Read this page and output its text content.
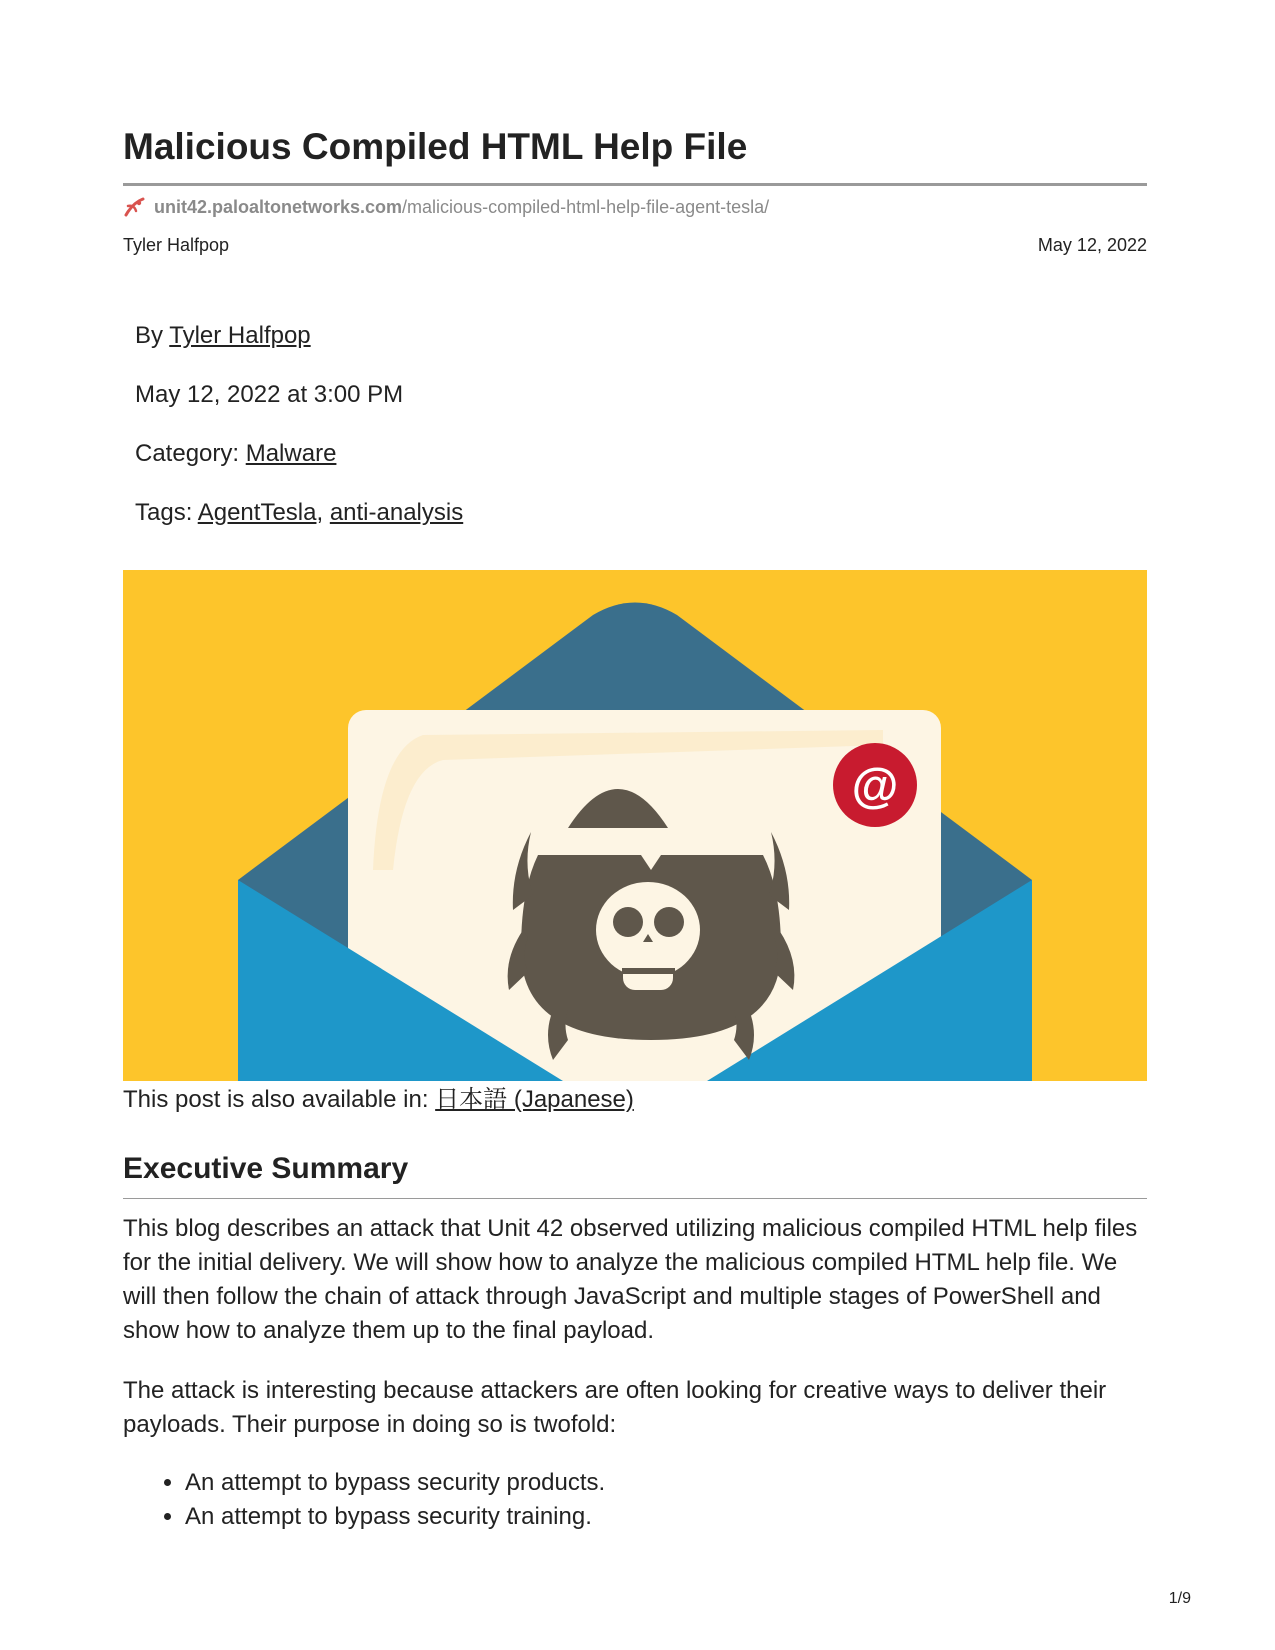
Malicious Compiled HTML Help File
unit42.paloaltonetworks.com /malicious-compiled-html-help-file-agent-tesla/
Tyler Halfpop	May 12, 2022

By Tyler Halfpop

May 12, 2022 at 3:00 PM

Category: Malware

Tags: AgentTesla, anti-analysis

@
This post is also available in: 日本語 (Japanese)
Executive Summary

This blog describes an attack that Unit 42 observed utilizing malicious compiled HTML help files for the initial delivery. We will show how to analyze the malicious compiled HTML help file. We will then follow the chain of attack through JavaScript and multiple stages of PowerShell and show how to analyze them up to the final payload.

The attack is interesting because attackers are often looking for creative ways to deliver their payloads. Their purpose in doing so is twofold:

• An attempt to bypass security products.
• An attempt to bypass security training.
1/9
